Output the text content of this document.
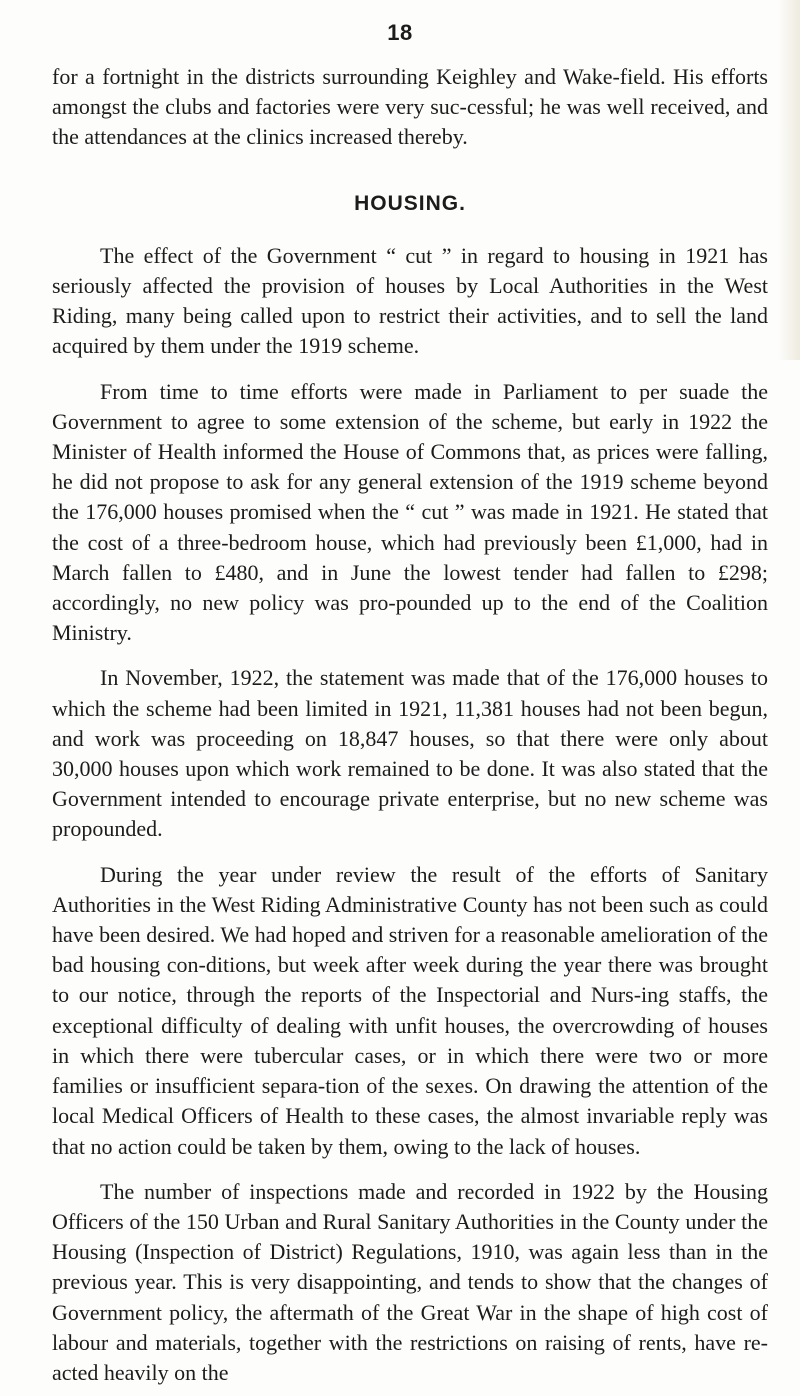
18

for a fortnight in the districts surrounding Keighley and Wake-field. His efforts amongst the clubs and factories were very suc-cessful; he was well received, and the attendances at the clinics increased thereby.

HOUSING.

The effect of the Government “ cut ” in regard to housing in 1921 has seriously affected the provision of houses by Local Authorities in the West Riding, many being called upon to restrict their activities, and to sell the land acquired by them under the 1919 scheme.

From time to time efforts were made in Parliament to per suade the Government to agree to some extension of the scheme, but early in 1922 the Minister of Health informed the House of Commons that, as prices were falling, he did not propose to ask for any general extension of the 1919 scheme beyond the 176,000 houses promised when the “ cut ” was made in 1921. He stated that the cost of a three-bedroom house, which had previously been £1,000, had in March fallen to £480, and in June the lowest tender had fallen to £298; accordingly, no new policy was pro-pounded up to the end of the Coalition Ministry.

In November, 1922, the statement was made that of the 176,000 houses to which the scheme had been limited in 1921, 11,381 houses had not been begun, and work was proceeding on 18,847 houses, so that there were only about 30,000 houses upon which work remained to be done. It was also stated that the Government intended to encourage private enterprise, but no new scheme was propounded.

During the year under review the result of the efforts of Sanitary Authorities in the West Riding Administrative County has not been such as could have been desired. We had hoped and striven for a reasonable amelioration of the bad housing con-ditions, but week after week during the year there was brought to our notice, through the reports of the Inspectorial and Nurs-ing staffs, the exceptional difficulty of dealing with unfit houses, the overcrowding of houses in which there were tubercular cases, or in which there were two or more families or insufficient separa-tion of the sexes. On drawing the attention of the local Medical Officers of Health to these cases, the almost invariable reply was that no action could be taken by them, owing to the lack of houses.

The number of inspections made and recorded in 1922 by the Housing Officers of the 150 Urban and Rural Sanitary Authorities in the County under the Housing (Inspection of District) Regulations, 1910, was again less than in the previous year. This is very disappointing, and tends to show that the changes of Government policy, the aftermath of the Great War in the shape of high cost of labour and materials, together with the restrictions on raising of rents, have re-acted heavily on the
